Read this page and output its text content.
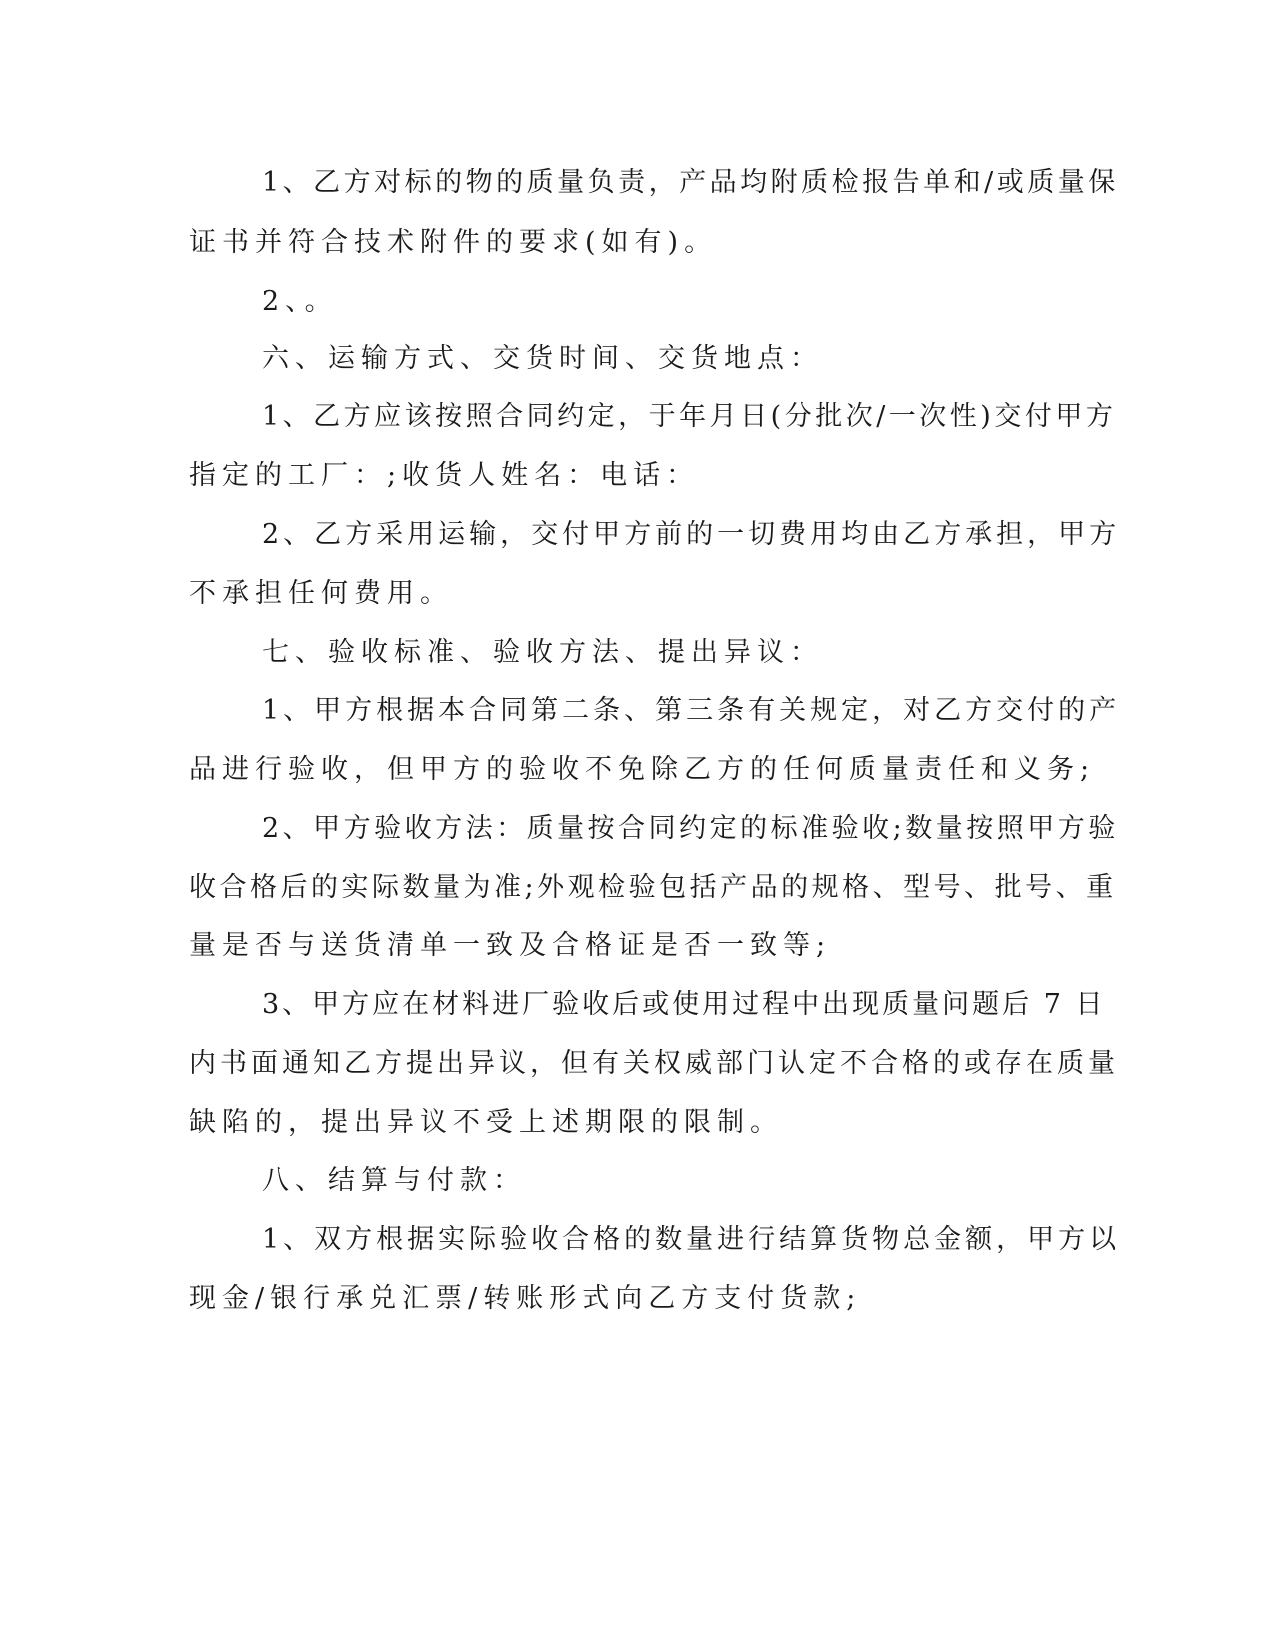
1、乙方对标的物的质量负责，产品均附质检报告单和/或质量保
证书并符合技术附件的要求(如有)。
2、。
六、运输方式、交货时间、交货地点：
1、乙方应该按照合同约定，于年月日(分批次/一次性)交付甲方
指定的工厂：;收货人姓名：电话：
2、乙方采用运输，交付甲方前的一切费用均由乙方承担，甲方
不承担任何费用。
七、验收标准、验收方法、提出异议：
1、甲方根据本合同第二条、第三条有关规定，对乙方交付的产
品进行验收，但甲方的验收不免除乙方的任何质量责任和义务;
2、甲方验收方法：质量按合同约定的标准验收;数量按照甲方验
收合格后的实际数量为准;外观检验包括产品的规格、型号、批号、重
量是否与送货清单一致及合格证是否一致等;
3、甲方应在材料进厂验收后或使用过程中出现质量问题后 7 日
内书面通知乙方提出异议，但有关权威部门认定不合格的或存在质量
缺陷的，提出异议不受上述期限的限制。
八、结算与付款：
1、双方根据实际验收合格的数量进行结算货物总金额，甲方以
现金/银行承兑汇票/转账形式向乙方支付货款;
